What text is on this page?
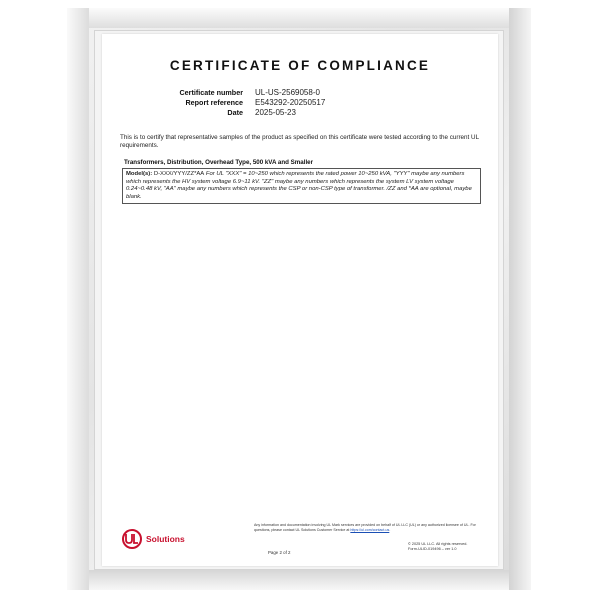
CERTIFICATE OF COMPLIANCE
Certificate number	UL-US-2569058-0
Report reference	E543292-20250517
Date	2025-05-23
This is to certify that representative samples of the product as specified on this certificate were tested according to the current UL requirements.
Transformers, Distribution, Overhead Type, 500 kVA and Smaller
Model(s): D-XXX/YYY/ZZ*AA For UL "XXX" = 10~250 which represents the rated power 10~250 kVA, "YYY" maybe any numbers which represents the HV system voltage 6.9~11 kV. "ZZ" maybe any numbers which represents the system LV system voltage 0.24~0.48 kV, "AA" maybe any numbers which represents the CSP or non-CSP type of transformer. /ZZ and *AA are optional, maybe blank.
Solutions
Any information and documentation involving UL Mark services are provided on behalf of UL LLC (UL) or any authorized licensee of UL. For questions, please contact UL Solutions Customer Service at https://ul.com/contact-us.
Page 2 of 2
© 2025 UL LLC. All rights reserved.
Form-ULID-019496 – ver 1.0
